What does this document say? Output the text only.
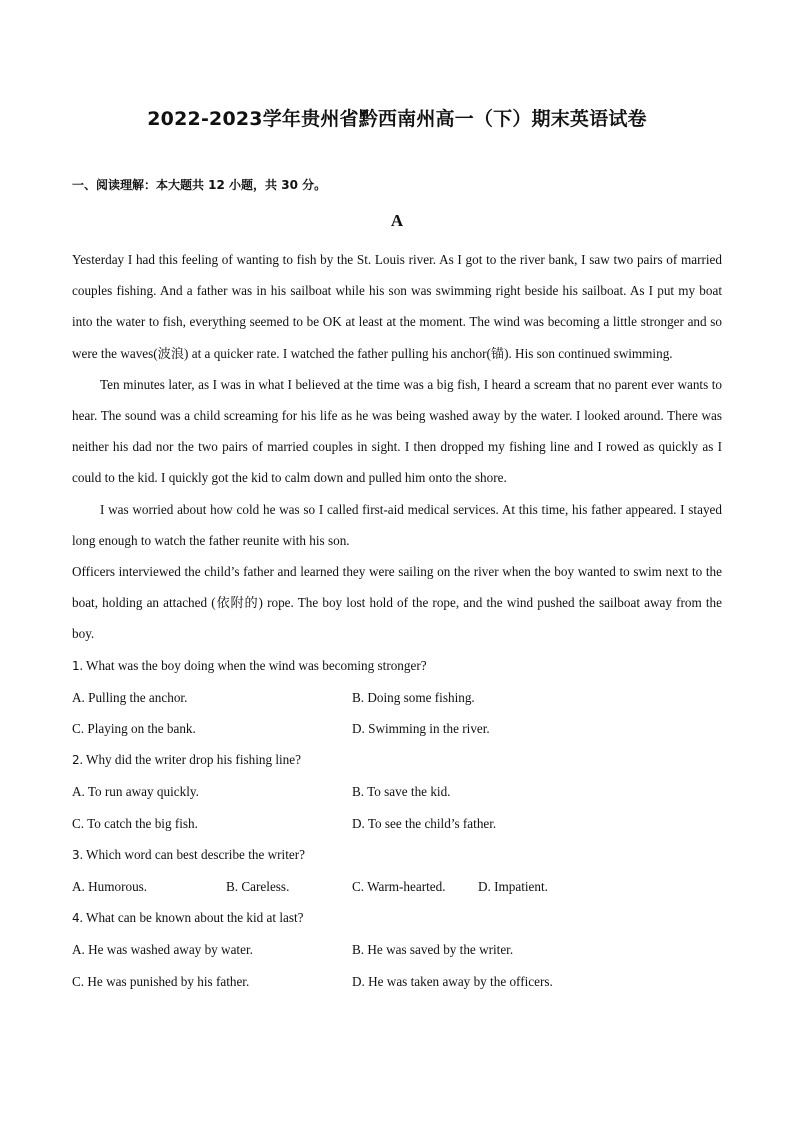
2022-2023学年贵州省黔西南州高一（下）期末英语试卷
一、阅读理解：本大题共 12 小题，共 30 分。
A

Yesterday I had this feeling of wanting to fish by the St. Louis river. As I got to the river bank, I saw two pairs of married couples fishing. And a father was in his sailboat while his son was swimming right beside his sailboat. As I put my boat into the water to fish, everything seemed to be OK at least at the moment. The wind was becoming a little stronger and so were the waves(波浪) at a quicker rate. I watched the father pulling his anchor(锚). His son continued swimming.

Ten minutes later, as I was in what I believed at the time was a big fish, I heard a scream that no parent ever wants to hear. The sound was a child screaming for his life as he was being washed away by the water. I looked around. There was neither his dad nor the two pairs of married couples in sight. I then dropped my fishing line and I rowed as quickly as I could to the kid. I quickly got the kid to calm down and pulled him onto the shore.

I was worried about how cold he was so I called first-aid medical services. At this time, his father appeared. I stayed long enough to watch the father reunite with his son.

Officers interviewed the child’s father and learned they were sailing on the river when the boy wanted to swim next to the boat, holding an attached (依附的) rope. The boy lost hold of the rope, and the wind pushed the sailboat away from the boy.

1. What was the boy doing when the wind was becoming stronger?

A. Pulling the anchor.	B. Doing some fishing.
C. Playing on the bank.	D. Swimming in the river.

2. Why did the writer drop his fishing line?

A. To run away quickly.	B. To save the kid.
C. To catch the big fish.	D. To see the child’s father.

3. Which word can best describe the writer?

A. Humorous.	B. Careless.	C. Warm-hearted.	D. Impatient.

4. What can be known about the kid at last?

A. He was washed away by water.	B. He was saved by the writer.
C. He was punished by his father.	D. He was taken away by the officers.
